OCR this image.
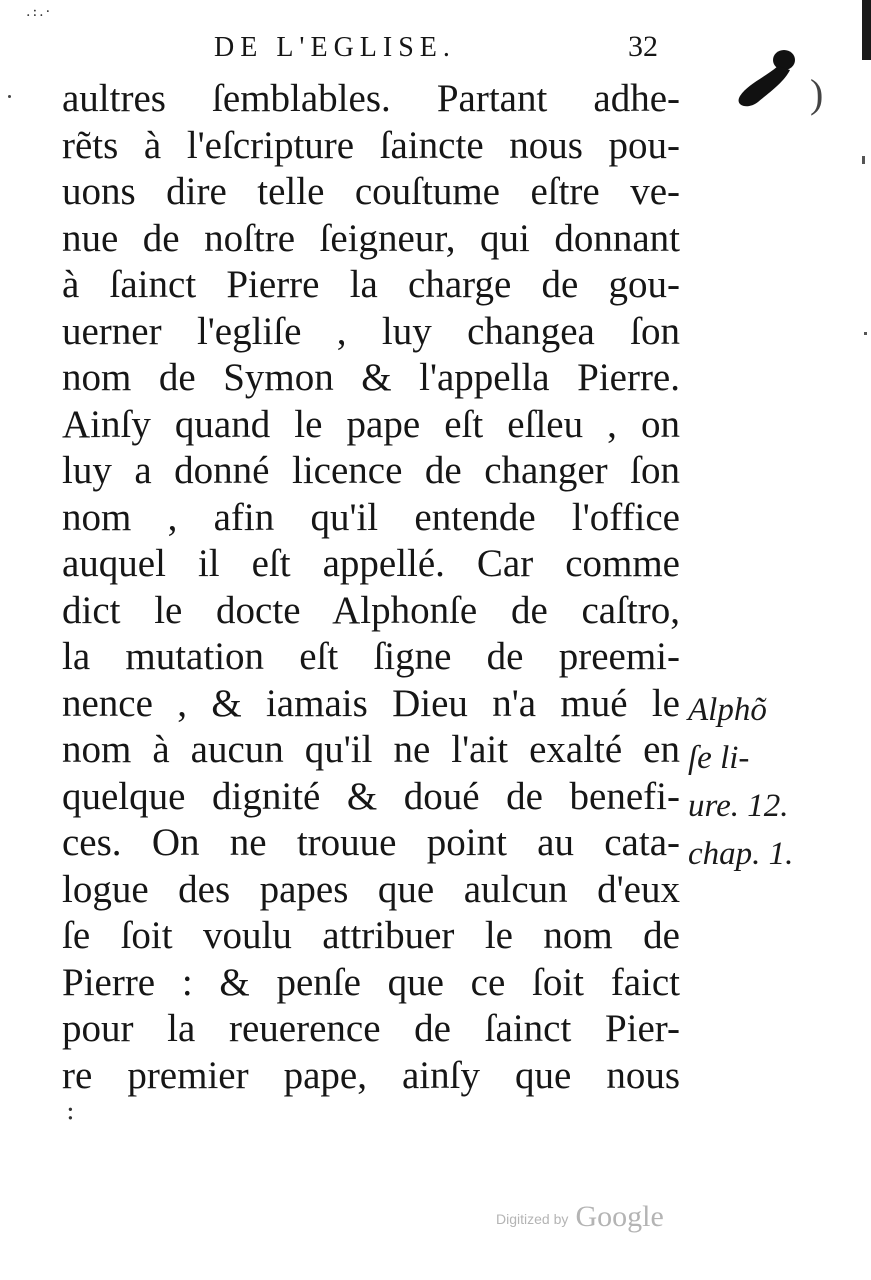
.:.·
)
DE L'EGLISE.	32
aultres ſemblables. Partant adhe-
rẽts à l'eſcripture ſaincte nous pou-
uons dire telle couſtume eſtre ve-
nue de noſtre ſeigneur, qui donnant
à ſainct Pierre la charge de gou-
uerner l'egliſe , luy changea ſon
nom de Symon & l'appella Pierre.
Ainſy quand le pape eſt eſleu , on
luy a donné licence de changer ſon
nom , afin qu'il entende l'office
auquel il eſt appellé. Car comme
dict le docte Alphonſe de caſtro,
la mutation eſt ſigne de preemi-
nence , & iamais Dieu n'a mué le
nom à aucun qu'il ne l'ait exalté en
quelque dignité & doué de benefi-
ces. On ne trouue point au cata-
logue des papes que aulcun d'eux
ſe ſoit voulu attribuer le nom de
Pierre : & penſe que ce ſoit faict
pour la reuerence de ſainct Pier-
re premier pape, ainſy que nous
Alphõ
ſe li-
ure. 12.
chap. 1.
:
Digitized by Google
